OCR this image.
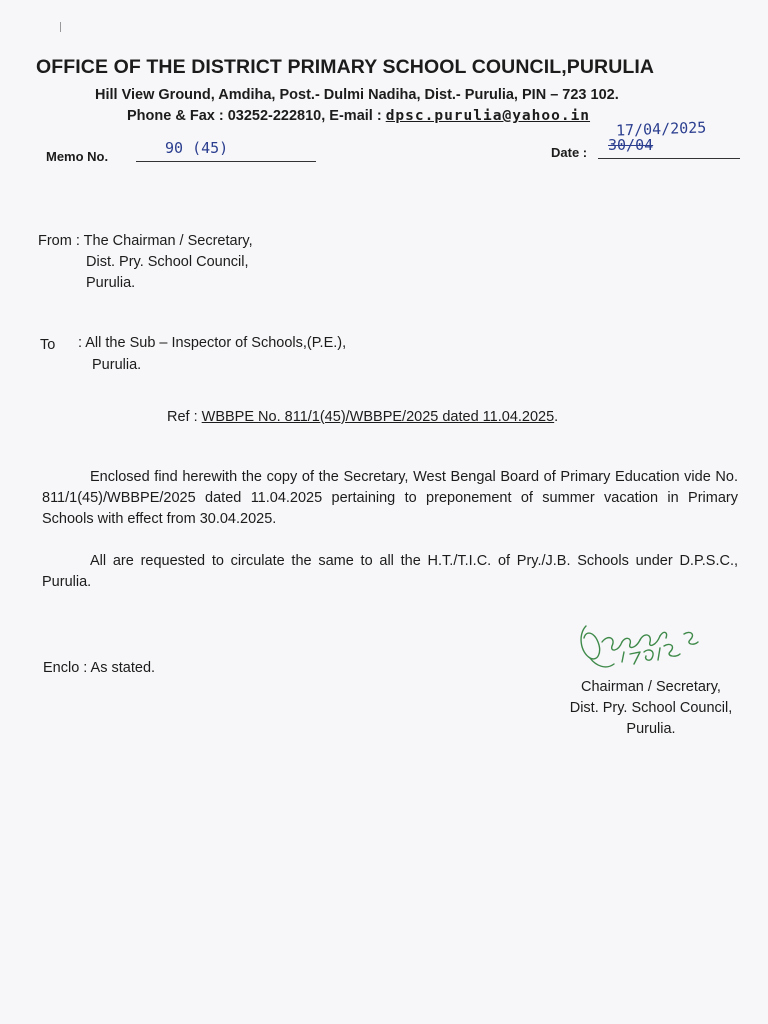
OFFICE OF THE DISTRICT PRIMARY SCHOOL COUNCIL,PURULIA
Hill View Ground, Amdiha, Post.- Dulmi Nadiha, Dist.- Purulia, PIN – 723 102.
Phone & Fax : 03252-222810, E-mail : dpsc.purulia@yahoo.in
Memo No.	90 (45)	Date : 30/04
17/04/2025
From : The Chairman / Secretary,
Dist. Pry. School Council,
Purulia.
To : All the Sub – Inspector of Schools,(P.E.),
Purulia.
Ref : WBBPE No. 811/1(45)/WBBPE/2025 dated 11.04.2025.
Enclosed find herewith the copy of the Secretary, West Bengal Board of Primary Education vide No. 811/1(45)/WBBPE/2025 dated 11.04.2025 pertaining to preponement of summer vacation in Primary Schools with effect from 30.04.2025.
All are requested to circulate the same to all the H.T./T.I.C. of Pry./J.B. Schools under D.P.S.C., Purulia.
Enclo : As stated.
Chairman / Secretary,
Dist. Pry. School Council,
Purulia.
